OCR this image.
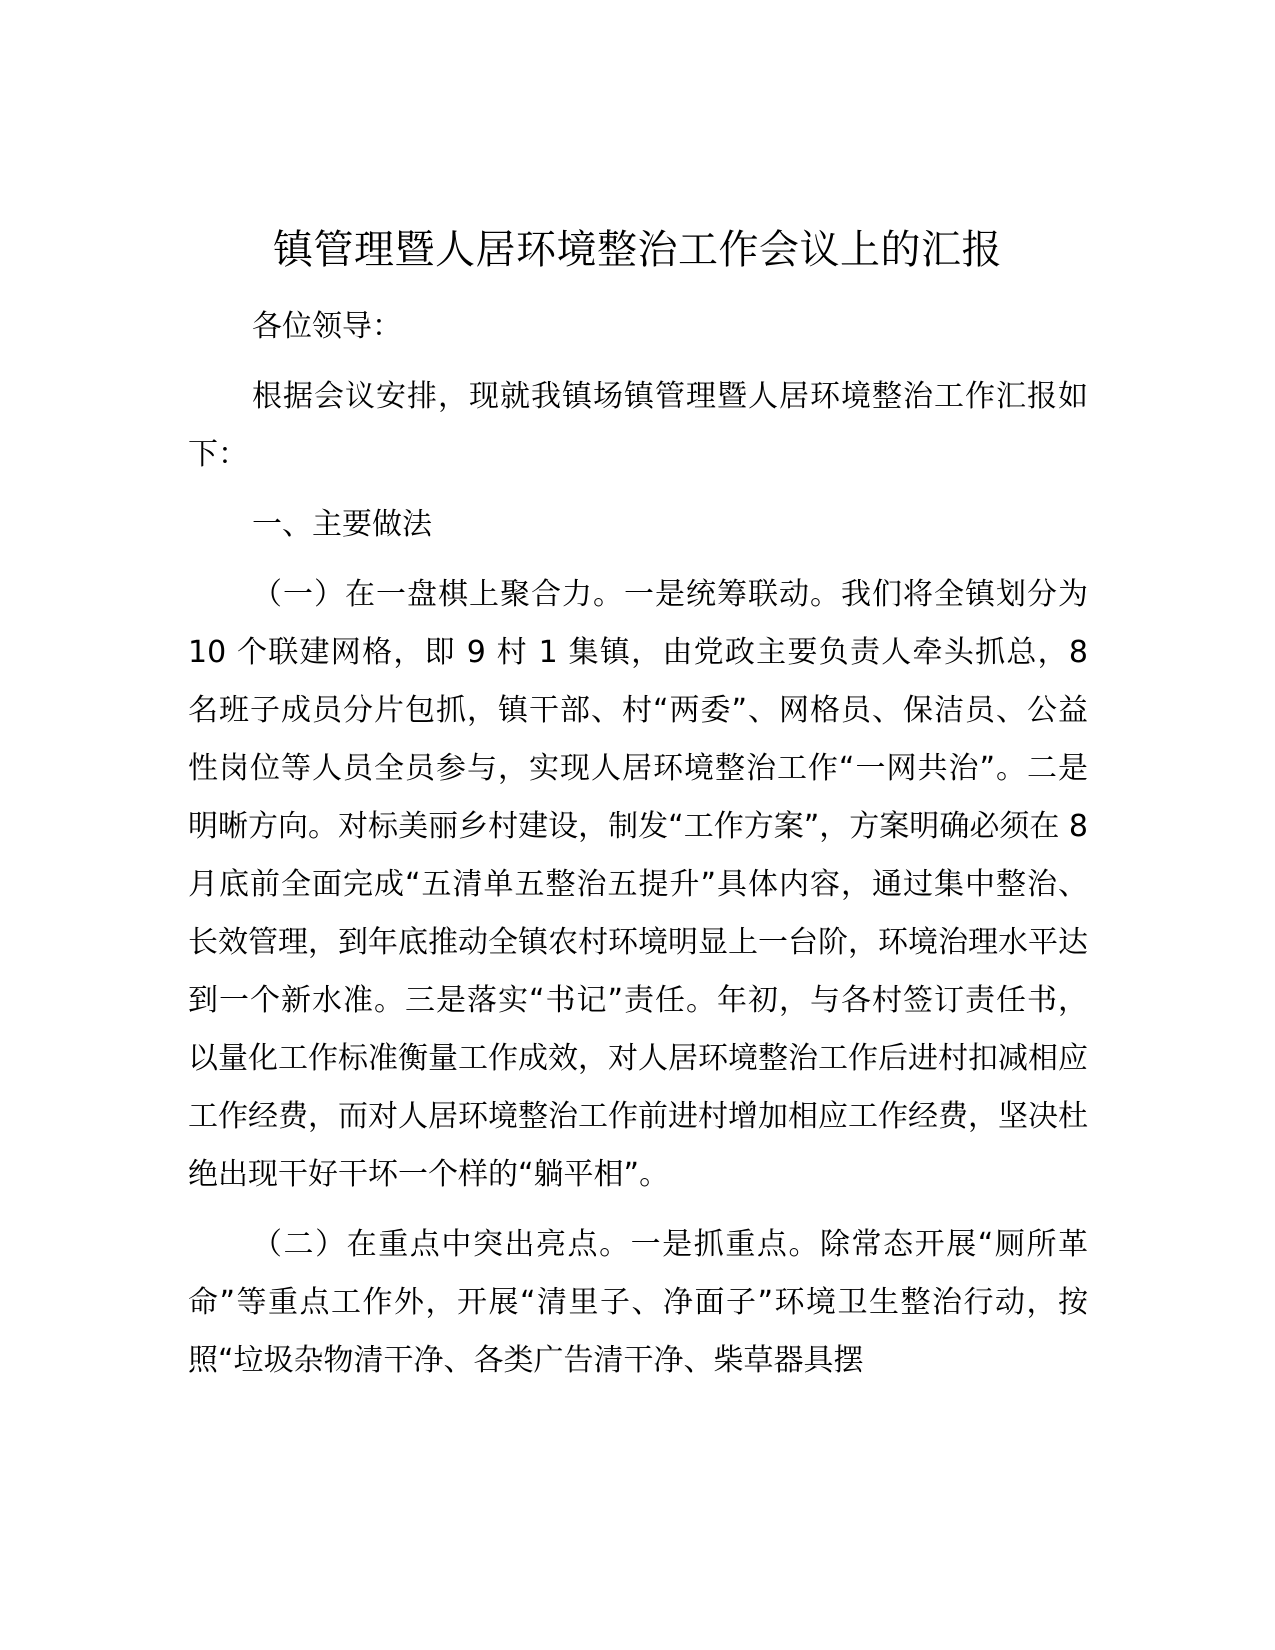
镇管理暨人居环境整治工作会议上的汇报

各位领导：

根据会议安排，现就我镇场镇管理暨人居环境整治工作汇报如下：

一、主要做法

（一）在一盘棋上聚合力。一是统筹联动。我们将全镇划分为 10 个联建网格，即 9 村 1 集镇，由党政主要负责人牵头抓总，8 名班子成员分片包抓，镇干部、村“两委”、网格员、保洁员、公益性岗位等人员全员参与，实现人居环境整治工作“一网共治”。二是明晰方向。对标美丽乡村建设，制发“工作方案”，方案明确必须在 8 月底前全面完成“五清单五整治五提升”具体内容，通过集中整治、长效管理，到年底推动全镇农村环境明显上一台阶，环境治理水平达到一个新水准。三是落实“书记”责任。年初，与各村签订责任书，以量化工作标准衡量工作成效，对人居环境整治工作后进村扣减相应工作经费，而对人居环境整治工作前进村增加相应工作经费，坚决杜绝出现干好干坏一个样的“躺平相”。

（二）在重点中突出亮点。一是抓重点。除常态开展“厕所革命”等重点工作外，开展“清里子、净面子”环境卫生整治行动，按照“垃圾杂物清干净、各类广告清干净、柴草器具摆
